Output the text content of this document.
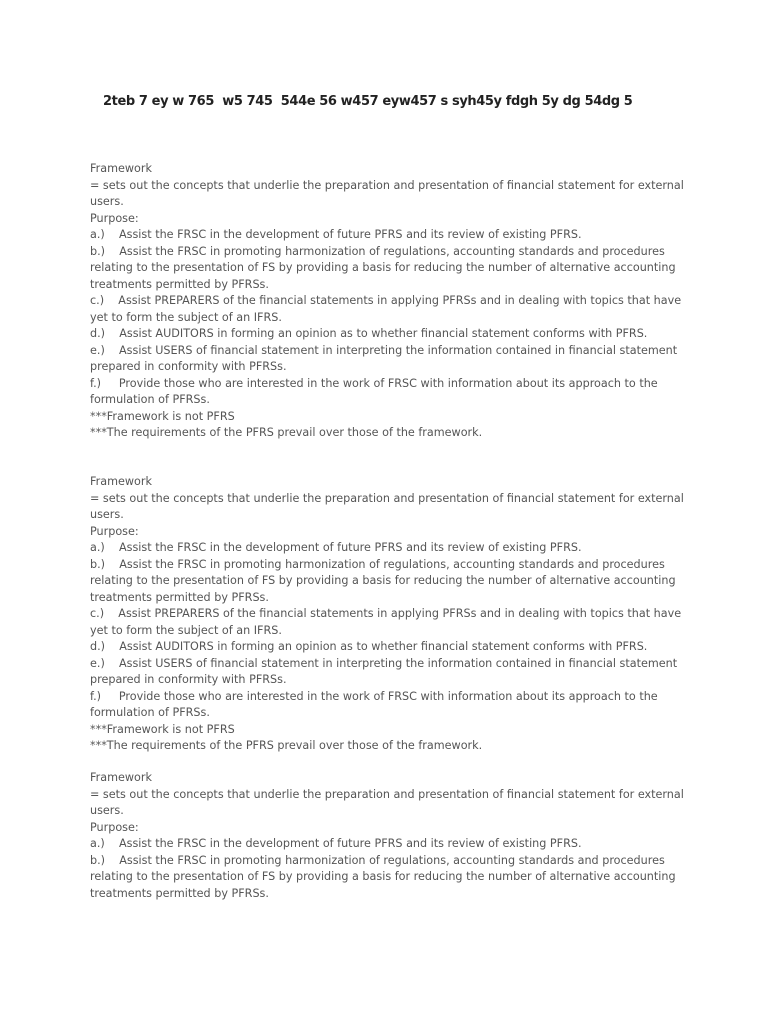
2teb 7 ey w 765  w5 745  544e 56 w457 eyw457 s syh45y fdgh 5y dg 54dg 5

Framework

= sets out the concepts that underlie the preparation and presentation of financial statement for external users.

Purpose:

a.)    Assist the FRSC in the development of future PFRS and its review of existing PFRS.

b.)    Assist the FRSC in promoting harmonization of regulations, accounting standards and procedures relating to the presentation of FS by providing a basis for reducing the number of alternative accounting treatments permitted by PFRSs.

c.)    Assist PREPARERS of the financial statements in applying PFRSs and in dealing with topics that have yet to form the subject of an IFRS.

d.)    Assist AUDITORS in forming an opinion as to whether financial statement conforms with PFRS.

e.)    Assist USERS of financial statement in interpreting the information contained in financial statement prepared in conformity with PFRSs.

f.)     Provide those who are interested in the work of FRSC with information about its approach to the formulation of PFRSs.

***Framework is not PFRS

***The requirements of the PFRS prevail over those of the framework.

Framework

= sets out the concepts that underlie the preparation and presentation of financial statement for external users.

Purpose:

a.)    Assist the FRSC in the development of future PFRS and its review of existing PFRS.

b.)    Assist the FRSC in promoting harmonization of regulations, accounting standards and procedures relating to the presentation of FS by providing a basis for reducing the number of alternative accounting treatments permitted by PFRSs.

c.)    Assist PREPARERS of the financial statements in applying PFRSs and in dealing with topics that have yet to form the subject of an IFRS.

d.)    Assist AUDITORS in forming an opinion as to whether financial statement conforms with PFRS.

e.)    Assist USERS of financial statement in interpreting the information contained in financial statement prepared in conformity with PFRSs.

f.)     Provide those who are interested in the work of FRSC with information about its approach to the formulation of PFRSs.

***Framework is not PFRS

***The requirements of the PFRS prevail over those of the framework.

Framework

= sets out the concepts that underlie the preparation and presentation of financial statement for external users.

Purpose:

a.)    Assist the FRSC in the development of future PFRS and its review of existing PFRS.

b.)    Assist the FRSC in promoting harmonization of regulations, accounting standards and procedures relating to the presentation of FS by providing a basis for reducing the number of alternative accounting treatments permitted by PFRSs.
